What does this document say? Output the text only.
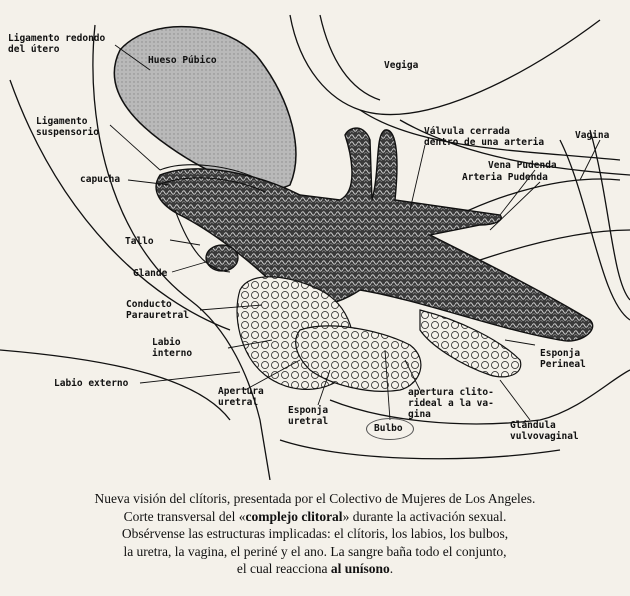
Ligamento redondo
del útero
Hueso Púbico	Vegiga
Ligamento
suspensorio
capucha
Válvula cerrada
dentro de una arteria
Vagina
Vena Pudenda
Arteria Pudenda
Tallo
Glande
Conducto
Parauretral
Labio
interno
Labio externo
Esponja
Perineal
Apertura
uretral
Esponja
uretral
apertura clito-
rideal a la va-
gina
Bulbo	Glándula
vulvovaginal
Nueva visión del clítoris, presentada por el Colectivo de Mujeres de Los Angeles.
Corte transversal del «complejo clitoral» durante la activación sexual.
Obsérvense las estructuras implicadas: el clítoris, los labios, los bulbos,
la uretra, la vagina, el periné y el ano. La sangre baña todo el conjunto,
el cual reacciona al unísono.
